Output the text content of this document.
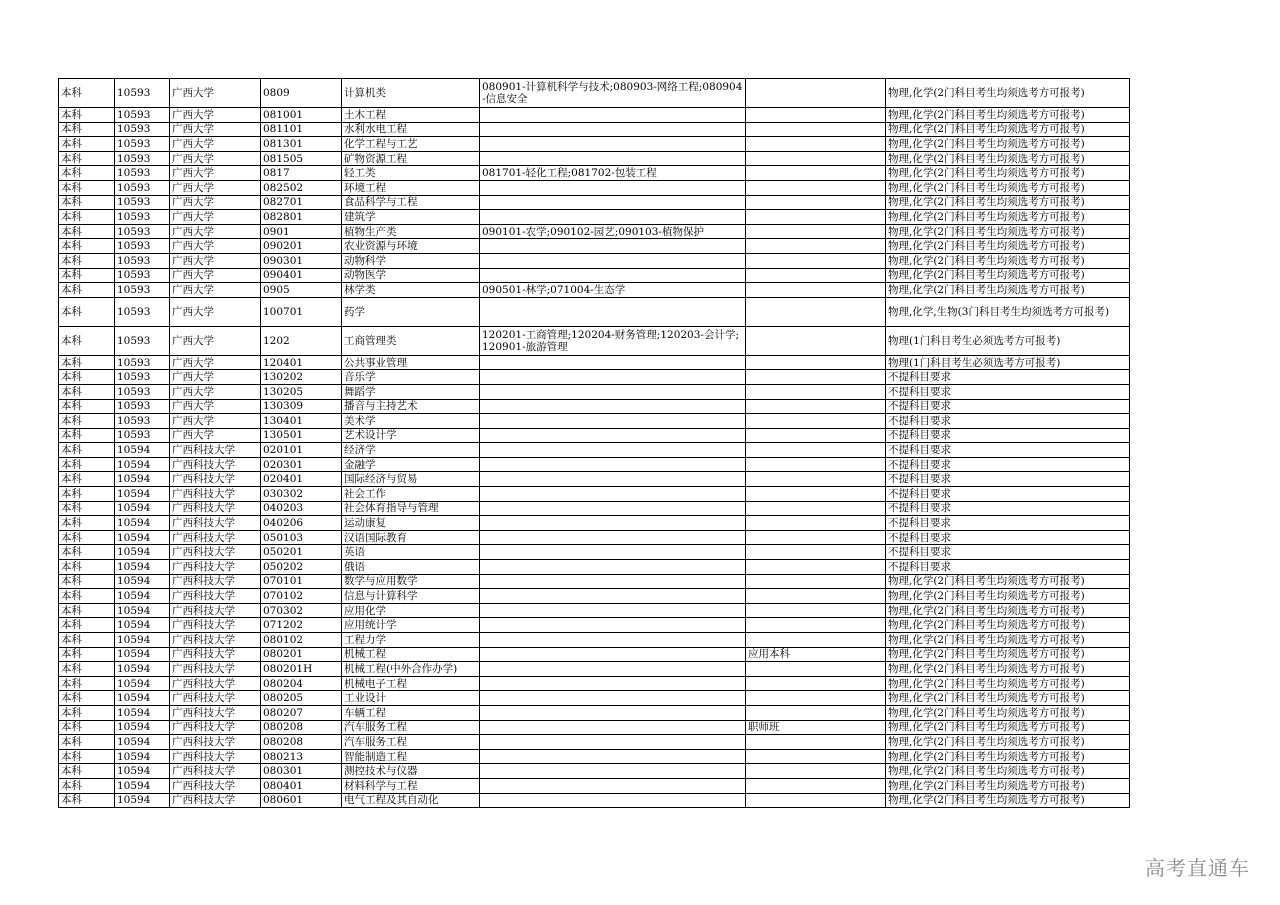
本科	10593	广西大学	0809	计算机类	080901-计算机科学与技术;080903-网络工程;080904-信息安全		物理,化学(2门科目考生均须选考方可报考)
本科	10593	广西大学	081001	土木工程			物理,化学(2门科目考生均须选考方可报考)
本科	10593	广西大学	081101	水利水电工程			物理,化学(2门科目考生均须选考方可报考)
本科	10593	广西大学	081301	化学工程与工艺			物理,化学(2门科目考生均须选考方可报考)
本科	10593	广西大学	081505	矿物资源工程			物理,化学(2门科目考生均须选考方可报考)
本科	10593	广西大学	0817	轻工类	081701-轻化工程;081702-包装工程		物理,化学(2门科目考生均须选考方可报考)
本科	10593	广西大学	082502	环境工程			物理,化学(2门科目考生均须选考方可报考)
本科	10593	广西大学	082701	食品科学与工程			物理,化学(2门科目考生均须选考方可报考)
本科	10593	广西大学	082801	建筑学			物理,化学(2门科目考生均须选考方可报考)
本科	10593	广西大学	0901	植物生产类	090101-农学;090102-园艺;090103-植物保护		物理,化学(2门科目考生均须选考方可报考)
本科	10593	广西大学	090201	农业资源与环境			物理,化学(2门科目考生均须选考方可报考)
本科	10593	广西大学	090301	动物科学			物理,化学(2门科目考生均须选考方可报考)
本科	10593	广西大学	090401	动物医学			物理,化学(2门科目考生均须选考方可报考)
本科	10593	广西大学	0905	林学类	090501-林学;071004-生态学		物理,化学(2门科目考生均须选考方可报考)
本科	10593	广西大学	100701	药学			物理,化学,生物(3门科目考生均须选考方可报考)
本科	10593	广西大学	1202	工商管理类	120201-工商管理;120204-财务管理;120203-会计学;120901-旅游管理		物理(1门科目考生必须选考方可报考)
本科	10593	广西大学	120401	公共事业管理			物理(1门科目考生必须选考方可报考)
本科	10593	广西大学	130202	音乐学			不提科目要求
本科	10593	广西大学	130205	舞蹈学			不提科目要求
本科	10593	广西大学	130309	播音与主持艺术			不提科目要求
本科	10593	广西大学	130401	美术学			不提科目要求
本科	10593	广西大学	130501	艺术设计学			不提科目要求
本科	10594	广西科技大学	020101	经济学			不提科目要求
本科	10594	广西科技大学	020301	金融学			不提科目要求
本科	10594	广西科技大学	020401	国际经济与贸易			不提科目要求
本科	10594	广西科技大学	030302	社会工作			不提科目要求
本科	10594	广西科技大学	040203	社会体育指导与管理			不提科目要求
本科	10594	广西科技大学	040206	运动康复			不提科目要求
本科	10594	广西科技大学	050103	汉语国际教育			不提科目要求
本科	10594	广西科技大学	050201	英语			不提科目要求
本科	10594	广西科技大学	050202	俄语			不提科目要求
本科	10594	广西科技大学	070101	数学与应用数学			物理,化学(2门科目考生均须选考方可报考)
本科	10594	广西科技大学	070102	信息与计算科学			物理,化学(2门科目考生均须选考方可报考)
本科	10594	广西科技大学	070302	应用化学			物理,化学(2门科目考生均须选考方可报考)
本科	10594	广西科技大学	071202	应用统计学			物理,化学(2门科目考生均须选考方可报考)
本科	10594	广西科技大学	080102	工程力学			物理,化学(2门科目考生均须选考方可报考)
本科	10594	广西科技大学	080201	机械工程		应用本科	物理,化学(2门科目考生均须选考方可报考)
本科	10594	广西科技大学	080201H	机械工程(中外合作办学)			物理,化学(2门科目考生均须选考方可报考)
本科	10594	广西科技大学	080204	机械电子工程			物理,化学(2门科目考生均须选考方可报考)
本科	10594	广西科技大学	080205	工业设计			物理,化学(2门科目考生均须选考方可报考)
本科	10594	广西科技大学	080207	车辆工程			物理,化学(2门科目考生均须选考方可报考)
本科	10594	广西科技大学	080208	汽车服务工程		职师班	物理,化学(2门科目考生均须选考方可报考)
本科	10594	广西科技大学	080208	汽车服务工程			物理,化学(2门科目考生均须选考方可报考)
本科	10594	广西科技大学	080213	智能制造工程			物理,化学(2门科目考生均须选考方可报考)
本科	10594	广西科技大学	080301	测控技术与仪器			物理,化学(2门科目考生均须选考方可报考)
本科	10594	广西科技大学	080401	材料科学与工程			物理,化学(2门科目考生均须选考方可报考)
本科	10594	广西科技大学	080601	电气工程及其自动化			物理,化学(2门科目考生均须选考方可报考)
高考直通车
